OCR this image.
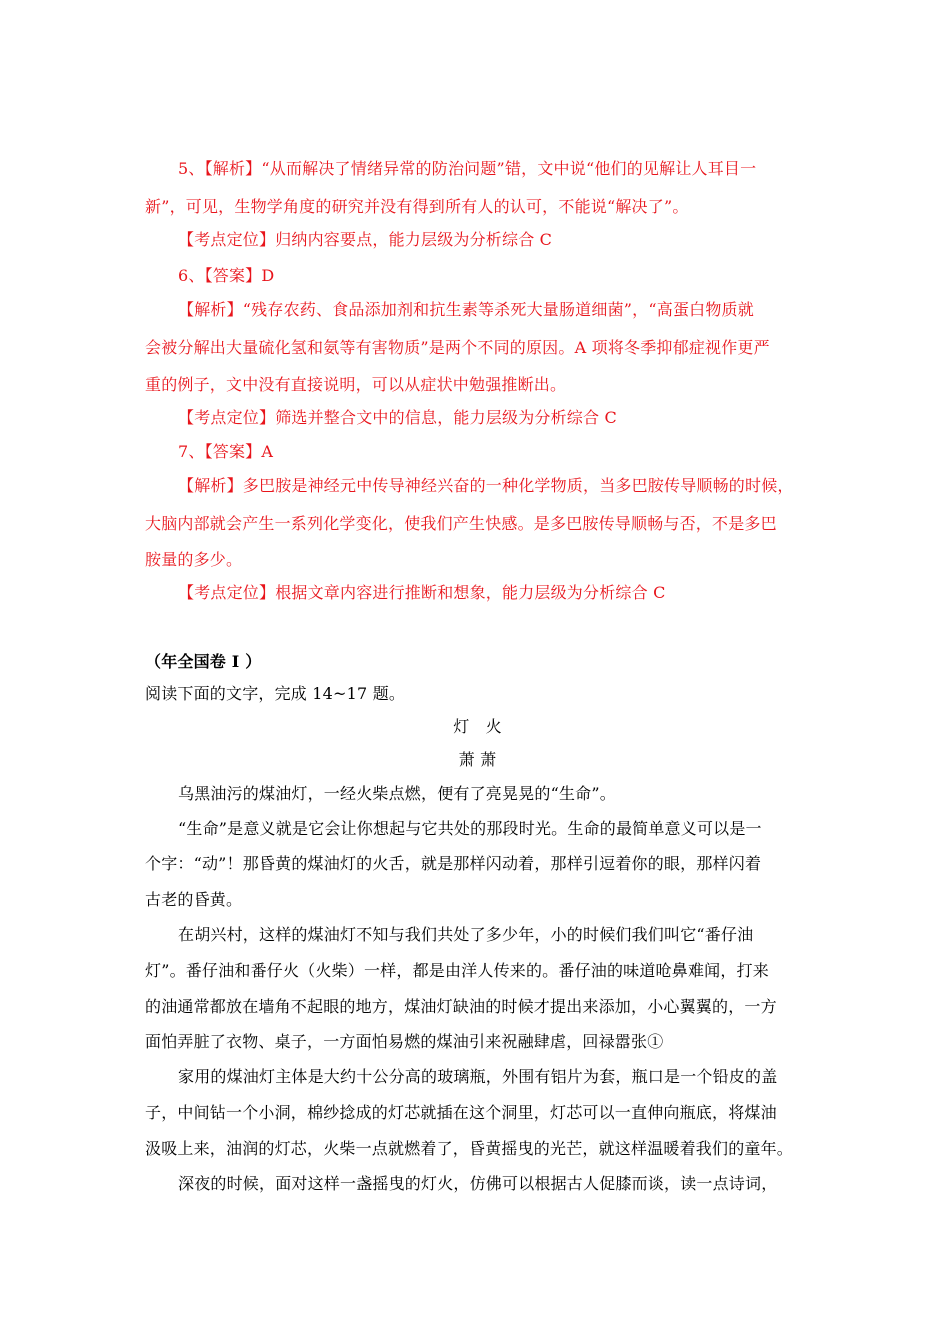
5、【解析】“从而解决了情绪异常的防治问题”错，文中说“他们的见解让人耳目一
新”，可见，生物学角度的研究并没有得到所有人的认可，不能说“解决了”。
【考点定位】归纳内容要点，能力层级为分析综合 C
6、【答案】D
【解析】“残存农药、食品添加剂和抗生素等杀死大量肠道细菌”，“高蛋白物质就
会被分解出大量硫化氢和氨等有害物质”是两个不同的原因。A 项将冬季抑郁症视作更严
重的例子，文中没有直接说明，可以从症状中勉强推断出。
【考点定位】筛选并整合文中的信息，能力层级为分析综合 C
7、【答案】A
【解析】多巴胺是神经元中传导神经兴奋的一种化学物质，当多巴胺传导顺畅的时候，
大脑内部就会产生一系列化学变化，使我们产生快感。是多巴胺传导顺畅与否，不是多巴
胺量的多少。
【考点定位】根据文章内容进行推断和想象，能力层级为分析综合 C
（年全国卷 I ）
阅读下面的文字，完成 14~17 题。
灯　火
萧 萧
乌黑油污的煤油灯，一经火柴点燃，便有了亮晃晃的“生命”。
“生命”是意义就是它会让你想起与它共处的那段时光。生命的最简单意义可以是一
个字：“动”！那昏黄的煤油灯的火舌，就是那样闪动着，那样引逗着你的眼，那样闪着
古老的昏黄。
在胡兴村，这样的煤油灯不知与我们共处了多少年，小的时候们我们叫它“番仔油
灯”。番仔油和番仔火（火柴）一样，都是由洋人传来的。番仔油的味道呛鼻难闻，打来
的油通常都放在墙角不起眼的地方，煤油灯缺油的时候才提出来添加，小心翼翼的，一方
面怕弄脏了衣物、桌子，一方面怕易燃的煤油引来祝融肆虐，回禄嚣张①
家用的煤油灯主体是大约十公分高的玻璃瓶，外围有铝片为套，瓶口是一个铅皮的盖
子，中间钻一个小洞，棉纱捻成的灯芯就插在这个洞里，灯芯可以一直伸向瓶底，将煤油
汲吸上来，油润的灯芯，火柴一点就燃着了，昏黄摇曳的光芒，就这样温暖着我们的童年。
深夜的时候，面对这样一盏摇曳的灯火，仿佛可以根据古人促膝而谈，读一点诗词，
